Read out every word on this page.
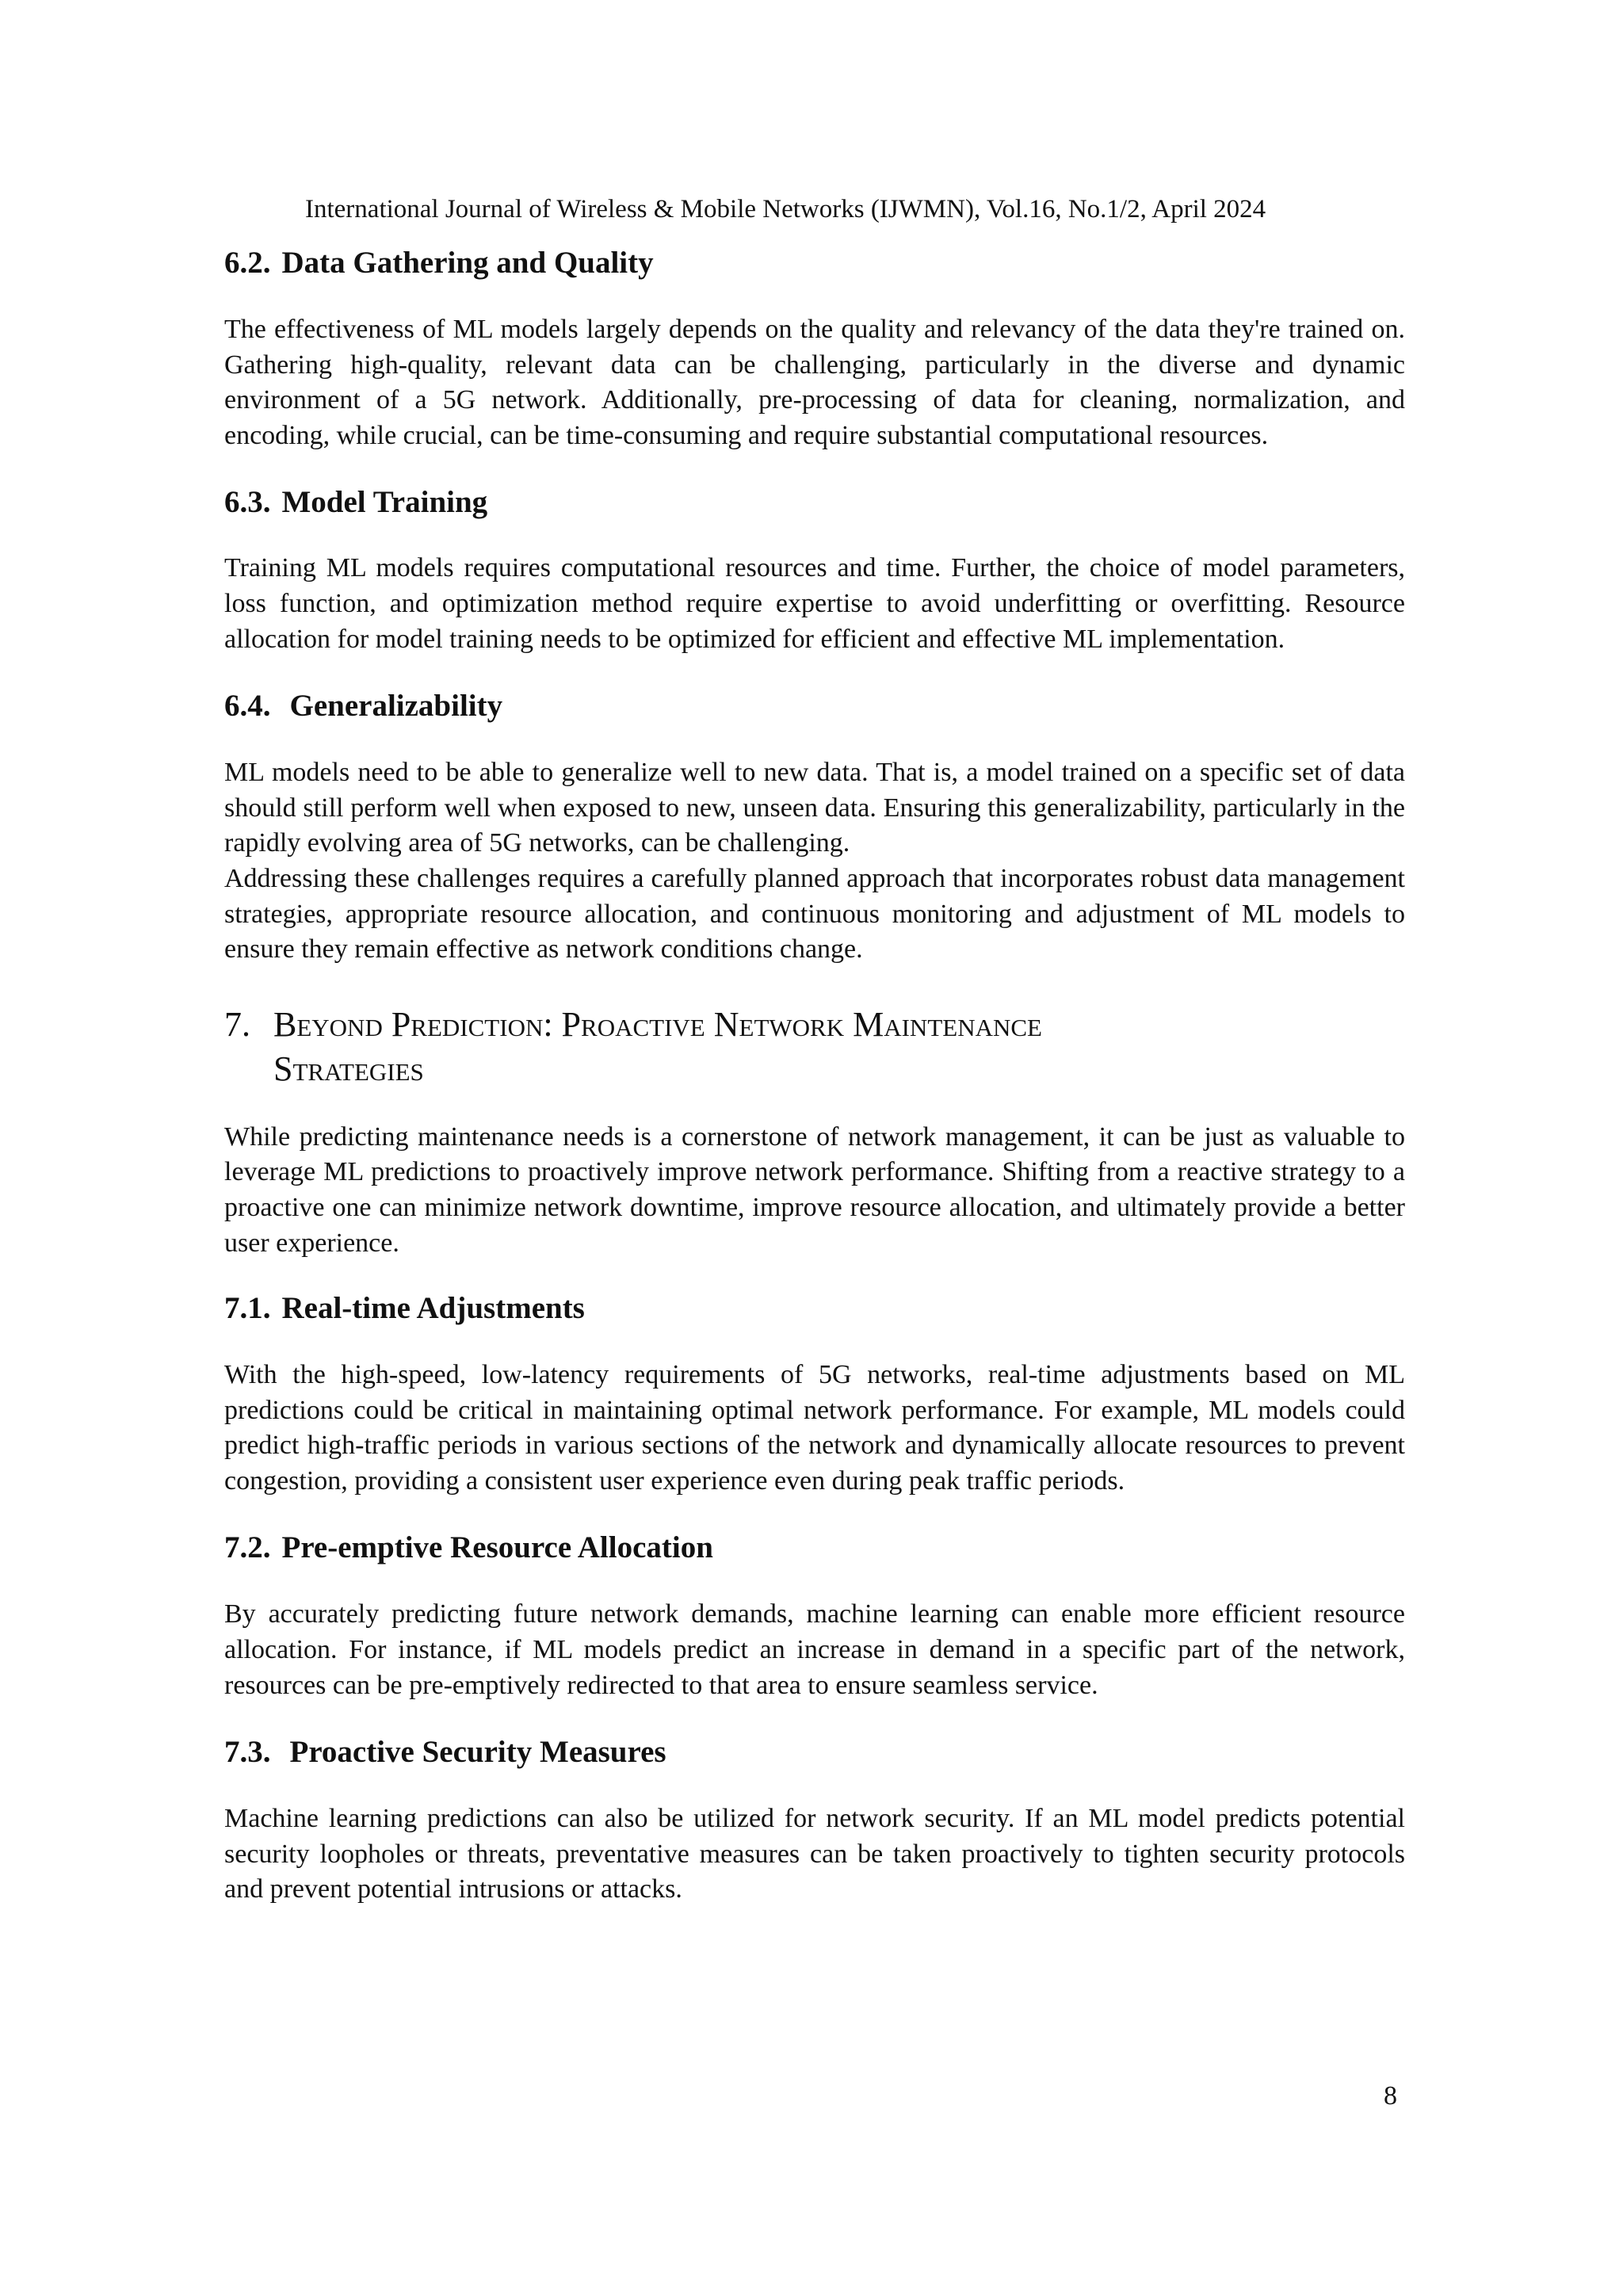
International Journal of Wireless & Mobile Networks (IJWMN), Vol.16, No.1/2, April 2024
6.2. Data Gathering and Quality

The effectiveness of ML models largely depends on the quality and relevancy of the data they're trained on. Gathering high-quality, relevant data can be challenging, particularly in the diverse and dynamic environment of a 5G network. Additionally, pre-processing of data for cleaning, normalization, and encoding, while crucial, can be time-consuming and require substantial computational resources.

6.3. Model Training

Training ML models requires computational resources and time. Further, the choice of model parameters, loss function, and optimization method require expertise to avoid underfitting or overfitting. Resource allocation for model training needs to be optimized for efficient and effective ML implementation.

6.4. Generalizability

ML models need to be able to generalize well to new data. That is, a model trained on a specific set of data should still perform well when exposed to new, unseen data. Ensuring this generalizability, particularly in the rapidly evolving area of 5G networks, can be challenging.

Addressing these challenges requires a carefully planned approach that incorporates robust data management strategies, appropriate resource allocation, and continuous monitoring and adjustment of ML models to ensure they remain effective as network conditions change.

7. Beyond Prediction: Proactive Network Maintenance
Strategies

While predicting maintenance needs is a cornerstone of network management, it can be just as valuable to leverage ML predictions to proactively improve network performance. Shifting from a reactive strategy to a proactive one can minimize network downtime, improve resource allocation, and ultimately provide a better user experience.

7.1. Real-time Adjustments

With the high-speed, low-latency requirements of 5G networks, real-time adjustments based on ML predictions could be critical in maintaining optimal network performance. For example, ML models could predict high-traffic periods in various sections of the network and dynamically allocate resources to prevent congestion, providing a consistent user experience even during peak traffic periods.

7.2. Pre-emptive Resource Allocation

By accurately predicting future network demands, machine learning can enable more efficient resource allocation. For instance, if ML models predict an increase in demand in a specific part of the network, resources can be pre-emptively redirected to that area to ensure seamless service.

7.3. Proactive Security Measures

Machine learning predictions can also be utilized for network security. If an ML model predicts potential security loopholes or threats, preventative measures can be taken proactively to tighten security protocols and prevent potential intrusions or attacks.

8
